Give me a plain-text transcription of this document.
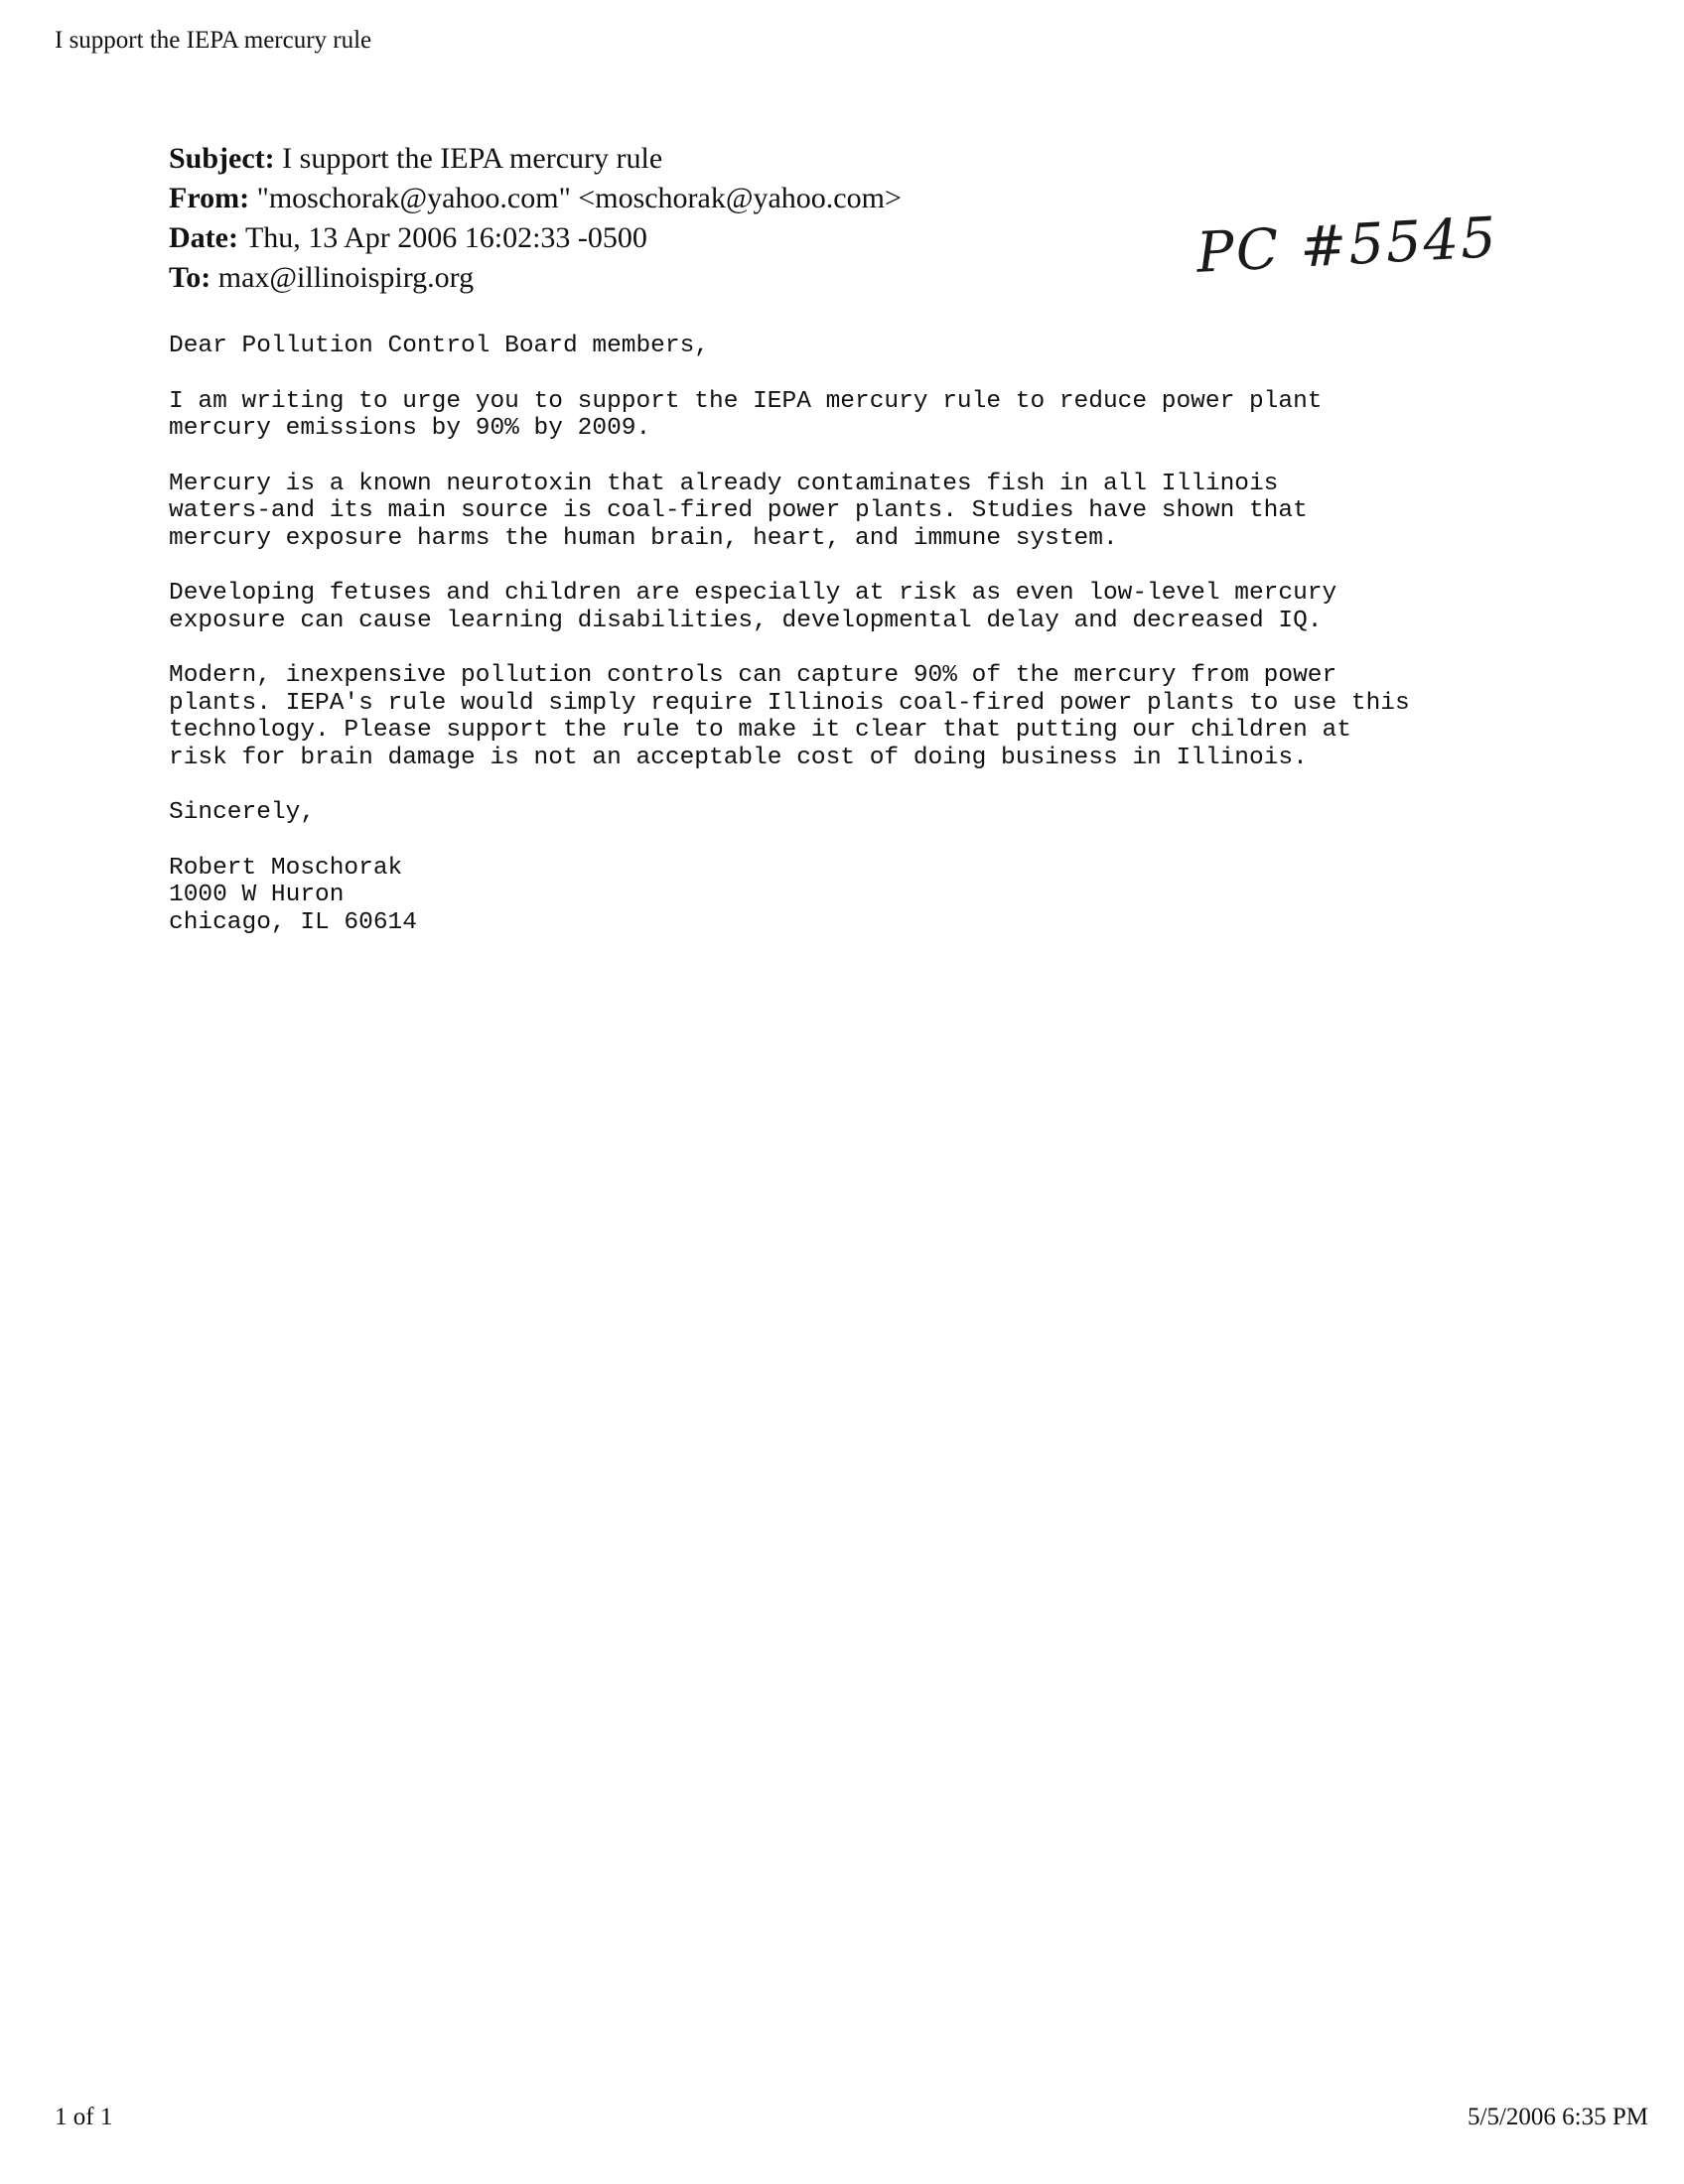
I support the IEPA mercury rule
Subject: I support the IEPA mercury rule
From: "moschorak@yahoo.com" <moschorak@yahoo.com>
Date: Thu, 13 Apr 2006 16:02:33 -0500
To: max@illinoispirg.org	PC #5545

Dear Pollution Control Board members,

I am writing to urge you to support the IEPA mercury rule to reduce power plant
mercury emissions by 90% by 2009.

Mercury is a known neurotoxin that already contaminates fish in all Illinois
waters-and its main source is coal-fired power plants. Studies have shown that
mercury exposure harms the human brain, heart, and immune system.

Developing fetuses and children are especially at risk as even low-level mercury
exposure can cause learning disabilities, developmental delay and decreased IQ.

Modern, inexpensive pollution controls can capture 90% of the mercury from power
plants. IEPA's rule would simply require Illinois coal-fired power plants to use this
technology. Please support the rule to make it clear that putting our children at
risk for brain damage is not an acceptable cost of doing business in Illinois.

Sincerely,

Robert Moschorak
1000 W Huron
chicago, IL 60614
1 of 1	5/5/2006 6:35 PM
